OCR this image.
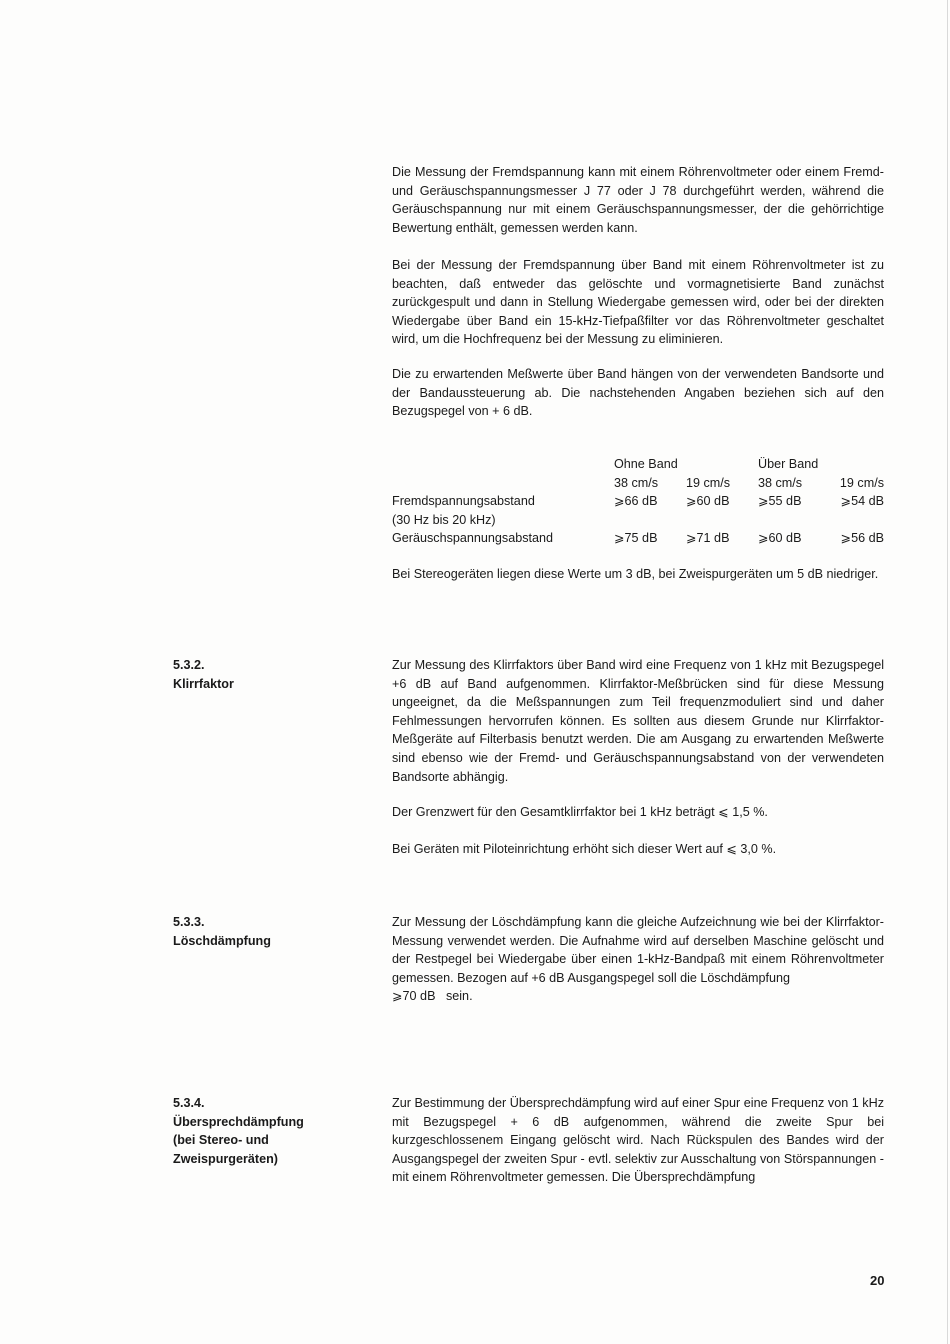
Die Messung der Fremdspannung kann mit einem Röhrenvoltmeter oder einem Fremd- und Geräuschspannungsmesser J 77 oder J 78 durchgeführt werden, während die Geräuschspannung nur mit einem Geräuschspannungsmesser, der die gehörrichtige Bewertung enthält, gemessen werden kann.

Bei der Messung der Fremdspannung über Band mit einem Röhrenvoltmeter ist zu beachten, daß entweder das gelöschte und vormagnetisierte Band zunächst zurückgespult und dann in Stellung Wiedergabe gemessen wird, oder bei der direkten Wiedergabe über Band ein 15-kHz-Tiefpaßfilter vor das Röhrenvoltmeter geschaltet wird, um die Hochfrequenz bei der Messung zu eliminieren.

Die zu erwartenden Meßwerte über Band hängen von der verwendeten Bandsorte und der Bandaussteuerung ab. Die nachstehenden Angaben beziehen sich auf den Bezugspegel von + 6 dB.

	Ohne Band		Über Band	
	38 cm/s	19 cm/s	38 cm/s	19 cm/s
Fremdspannungsabstand	⩾66 dB	⩾60 dB	⩾55 dB	⩾54 dB
(30 Hz bis 20 kHz)				
Geräuschspannungsabstand	⩾75 dB	⩾71 dB	⩾60 dB	⩾56 dB

Bei Stereogeräten liegen diese Werte um 3 dB, bei Zweispurgeräten um 5 dB niedriger.

5.3.2.
Klirrfaktor

Zur Messung des Klirrfaktors über Band wird eine Frequenz von 1 kHz mit Bezugspegel +6 dB auf Band aufgenommen. Klirrfaktor-Meßbrücken sind für diese Messung ungeeignet, da die Meßspannungen zum Teil frequenzmoduliert sind und daher Fehlmessungen hervorrufen können. Es sollten aus diesem Grunde nur Klirrfaktor-Meßgeräte auf Filterbasis benutzt werden. Die am Ausgang zu erwartenden Meßwerte sind ebenso wie der Fremd- und Geräuschspannungsabstand von der verwendeten Bandsorte abhängig.

Der Grenzwert für den Gesamtklirrfaktor bei 1 kHz beträgt ⩽ 1,5 %.

Bei Geräten mit Piloteinrichtung erhöht sich dieser Wert auf ⩽ 3,0 %.

5.3.3.
Löschdämpfung

Zur Messung der Löschdämpfung kann die gleiche Aufzeichnung wie bei der Klirrfaktor-Messung verwendet werden. Die Aufnahme wird auf derselben Maschine gelöscht und der Restpegel bei Wiedergabe über einen 1-kHz-Bandpaß mit einem Röhrenvoltmeter gemessen. Bezogen auf +6 dB Ausgangspegel soll die Löschdämpfung

⩾70 dB   sein.

5.3.4.
Übersprechdämpfung
(bei Stereo- und Zweispurgeräten)

Zur Bestimmung der Übersprechdämpfung wird auf einer Spur eine Frequenz von 1 kHz mit Bezugspegel + 6 dB aufgenommen, während die zweite Spur bei kurzgeschlossenem Eingang gelöscht wird. Nach Rückspulen des Bandes wird der Ausgangspegel der zweiten Spur - evtl. selektiv zur Ausschaltung von Störspannungen - mit einem Röhrenvoltmeter gemessen. Die Übersprechdämpfung

20
